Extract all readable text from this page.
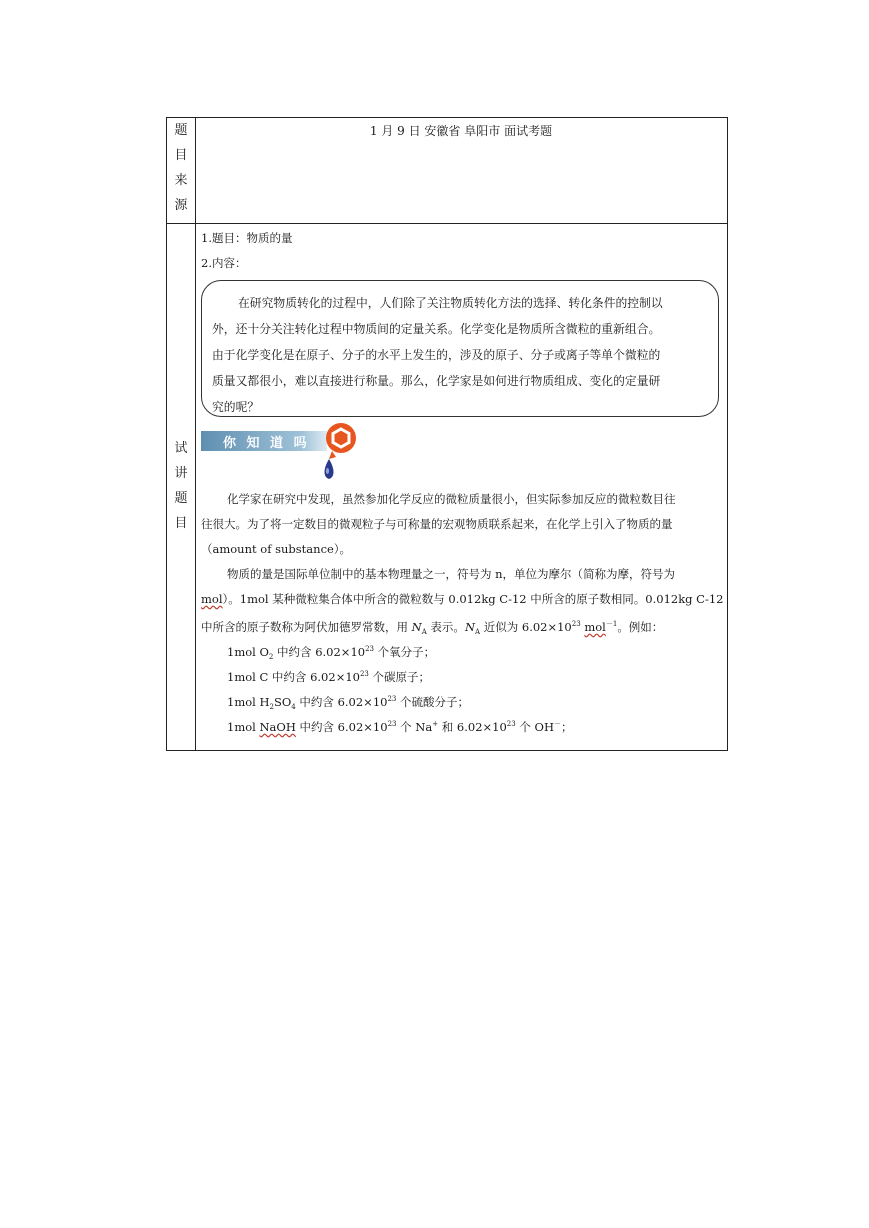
题
目
来
源
1 月 9 日 安徽省 阜阳市 面试考题
试
讲
题
目
1.题目：物质的量
2.内容：
在研究物质转化的过程中，人们除了关注物质转化方法的选择、转化条件的控制以
外，还十分关注转化过程中物质间的定量关系。化学变化是物质所含微粒的重新组合。
由于化学变化是在原子、分子的水平上发生的，涉及的原子、分子或离子等单个微粒的
质量又都很小，难以直接进行称量。那么，化学家是如何进行物质组成、变化的定量研
究的呢？
你 知 道 吗
化学家在研究中发现，虽然参加化学反应的微粒质量很小，但实际参加反应的微粒数目往
往很大。为了将一定数目的微观粒子与可称量的宏观物质联系起来，在化学上引入了物质的量
（amount of substance）。
物质的量是国际单位制中的基本物理量之一，符号为 n，单位为摩尔（简称为摩，符号为
mol）。1mol 某种微粒集合体中所含的微粒数与 0.012kg C-12 中所含的原子数相同。0.012kg C-12
中所含的原子数称为阿伏加德罗常数，用 $N_A$ 表示。$N_A$ 近似为 $6.02\times 10^{23}$ mol$^{-1}$。例如：
1mol $O_2$ 中约含 $6.02\times 10^{23}$ 个氧分子；
1mol C 中约含 $6.02\times 10^{23}$ 个碳原子；
1mol $H_2SO_4$ 中约含 $6.02\times 10^{23}$ 个硫酸分子；
1mol NaOH 中约含 $6.02\times 10^{23}$ 个 Na+ 和 $6.02\times 10^{23}$ 个 OH－；
